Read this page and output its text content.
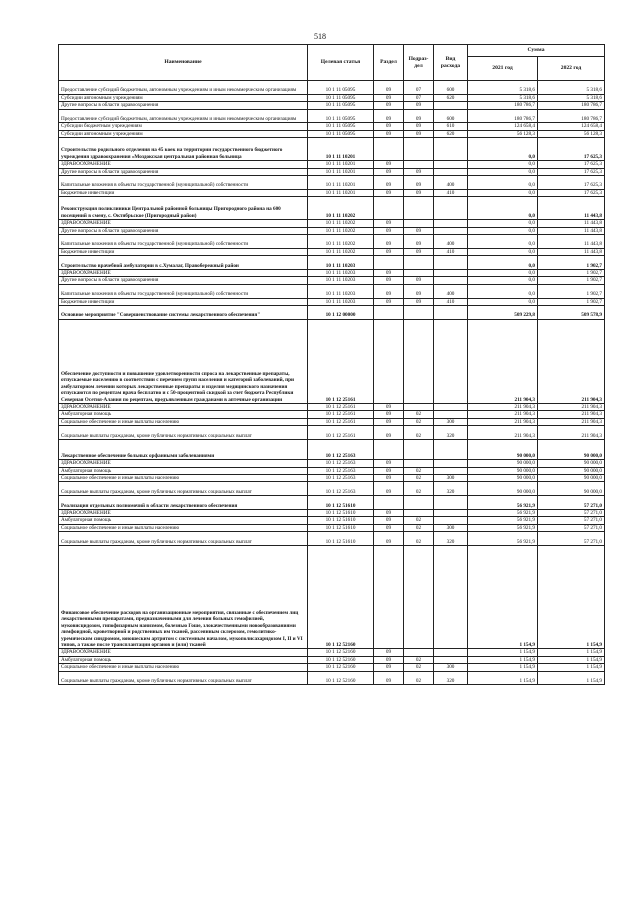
518
Наименование	Целевая статья	Раздел	Подраз-дел	Вид расхода	Сумма	
					2021 год	2022 год
Предоставление субсидий бюджетным, автономным учреждениям и иным некоммерческим организациям	10 1 11 05095	09	07	600	5 318,6	5 318,6
Субсидии автономным учреждениям	10 1 11 05095	09	07	620	5 318,6	5 318,6
Другие вопросы в области здравоохранения	10 1 11 05095	09	09		180 786,7	180 786,7
Предоставление субсидий бюджетным, автономным учреждениям и иным некоммерческим организациям	10 1 11 05095	09	09	600	180 786,7	180 786,7
Субсидии бюджетным учреждениям	10 1 11 05095	09	09	610	124 658,4	124 658,4
Субсидии автономным учреждениям	10 1 11 05095	09	09	620	56 128,3	56 128,3
Строительство родильного отделения на 45 коек на территории государственного бюджетного учреждения здравоохранения «Моздокская центральная районная больница	10 1 11 10201				0,0	17 625,3
ЗДРАВООХРАНЕНИЕ	10 1 11 10201	09			0,0	17 625,3
Другие вопросы в области здравоохранения	10 1 11 10201	09	09		0,0	17 625,3
Капитальные вложения в объекты государственной (муниципальной) собственности	10 1 11 10201	09	09	400	0,0	17 625,3
Бюджетные инвестиции	10 1 11 10201	09	09	410	0,0	17 625,3
Реконструкция поликлиники Центральной районной больницы Пригородного района на 600 посещений в смену, с. Октябрьское (Пригородный район)	10 1 11 10202				0,0	11 443,8
ЗДРАВООХРАНЕНИЕ	10 1 11 10202	09			0,0	11 443,8
Другие вопросы в области здравоохранения	10 1 11 10202	09	09		0,0	11 443,8
Капитальные вложения в объекты государственной (муниципальной) собственности	10 1 11 10202	09	09	400	0,0	11 443,8
Бюджетные инвестиции	10 1 11 10202	09	09	410	0,0	11 443,8
Строительство врачебной амбулатории в с.Хумалаг, Правобережный район	10 1 11 10203				0,0	1 902,7
ЗДРАВООХРАНЕНИЕ	10 1 11 10203	09			0,0	1 902,7
Другие вопросы в области здравоохранения	10 1 11 10203	09	09		0,0	1 902,7
Капитальные вложения в объекты государственной (муниципальной) собственности	10 1 11 10203	09	09	400	0,0	1 902,7
Бюджетные инвестиции	10 1 11 10203	09	09	410	0,0	1 902,7
Основное мероприятие "Совершенствование системы лекарственного обеспечения"	10 1 12 00000				509 229,8	509 578,9
Обеспечение доступности и повышение удовлетворенности спроса на лекарственные препараты, отпускаемые населению в соответствии с перечнем групп населения и категорий заболеваний, при амбулаторном лечении которых лекарственные препараты и изделия медицинского назначения отпускаются по рецептам врача бесплатно и с 50-процентной скидкой за счет бюджета Республики Северная Осетия-Алания по рецептам, предъявленным гражданами в аптечные организации	10 1 12 25161				211 904,3	211 904,3
ЗДРАВООХРАНЕНИЕ	10 1 12 25161	09			211 904,3	211 904,3
Амбулаторная помощь	10 1 12 25161	09	02		211 904,3	211 904,3
Социальное обеспечение и иные выплаты населению	10 1 12 25161	09	02	300	211 904,3	211 904,3
Социальные выплаты гражданам, кроме публичных нормативных социальных выплат	10 1 12 25161	09	02	320	211 904,3	211 904,3
Лекарственное обеспечение больных орфанными заболеваниями	10 1 12 25163				90 000,0	90 000,0
ЗДРАВООХРАНЕНИЕ	10 1 12 25163	09			90 000,0	90 000,0
Амбулаторная помощь	10 1 12 25163	09	02		90 000,0	90 000,0
Социальное обеспечение и иные выплаты населению	10 1 12 25163	09	02	300	90 000,0	90 000,0
Социальные выплаты гражданам, кроме публичных нормативных социальных выплат	10 1 12 25163	09	02	320	90 000,0	90 000,0
Реализация отдельных полномочий в области лекарственного обеспечения	10 1 12 51610				56 921,9	57 271,0
ЗДРАВООХРАНЕНИЕ	10 1 12 51610	09			56 921,9	57 271,0
Амбулаторная помощь	10 1 12 51610	09	02		56 921,9	57 271,0
Социальное обеспечение и иные выплаты населению	10 1 12 51610	09	02	300	56 921,9	57 271,0
Социальные выплаты гражданам, кроме публичных нормативных социальных выплат	10 1 12 51610	09	02	320	56 921,9	57 271,0
Финансовое обеспечение расходов на организационные мероприятия, связанные с обеспечением лиц лекарственными препаратами, предназначенными для лечения больных гемофилией, муковисцидозом, гипофизарным нанизмом, болезнью Гоше, злокачественными новообразованиями лимфоидной, кроветворной и родственных им тканей, рассеянным склерозом, гемолитико-уремическим синдромом, юношеским артритом с системным началом, мукополисахаридозом I, II и VI типов, а также после трансплантации органов и (или) тканей	10 1 12 52160				1 154,9	1 154,9
ЗДРАВООХРАНЕНИЕ	10 1 12 52160	09			1 154,9	1 154,9
Амбулаторная помощь	10 1 12 52160	09	02		1 154,9	1 154,9
Социальное обеспечение и иные выплаты населению	10 1 12 52160	09	02	300	1 154,9	1 154,9
Социальные выплаты гражданам, кроме публичных нормативных социальных выплат	10 1 12 52160	09	02	320	1 154,9	1 154,9
